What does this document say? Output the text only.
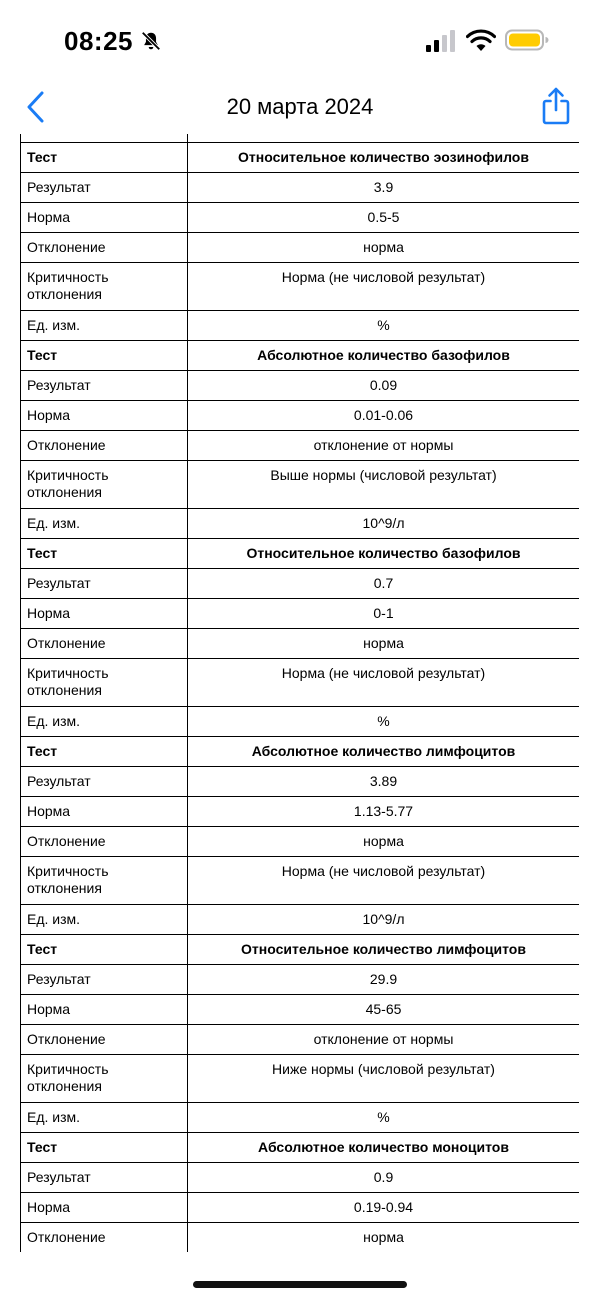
08:25
20 марта 2024
Тест	Относительное количество эозинофилов
Результат	3.9
Норма	0.5-5
Отклонение	норма
Критичность отклонения	Норма (не числовой результат)
Ед. изм.	%
Тест	Абсолютное количество базофилов
Результат	0.09
Норма	0.01-0.06
Отклонение	отклонение от нормы
Критичность отклонения	Выше нормы (числовой результат)
Ед. изм.	10^9/л
Тест	Относительное количество базофилов
Результат	0.7
Норма	0-1
Отклонение	норма
Критичность отклонения	Норма (не числовой результат)
Ед. изм.	%
Тест	Абсолютное количество лимфоцитов
Результат	3.89
Норма	1.13-5.77
Отклонение	норма
Критичность отклонения	Норма (не числовой результат)
Ед. изм.	10^9/л
Тест	Относительное количество лимфоцитов
Результат	29.9
Норма	45-65
Отклонение	отклонение от нормы
Критичность отклонения	Ниже нормы (числовой результат)
Ед. изм.	%
Тест	Абсолютное количество моноцитов
Результат	0.9
Норма	0.19-0.94
Отклонение	норма
